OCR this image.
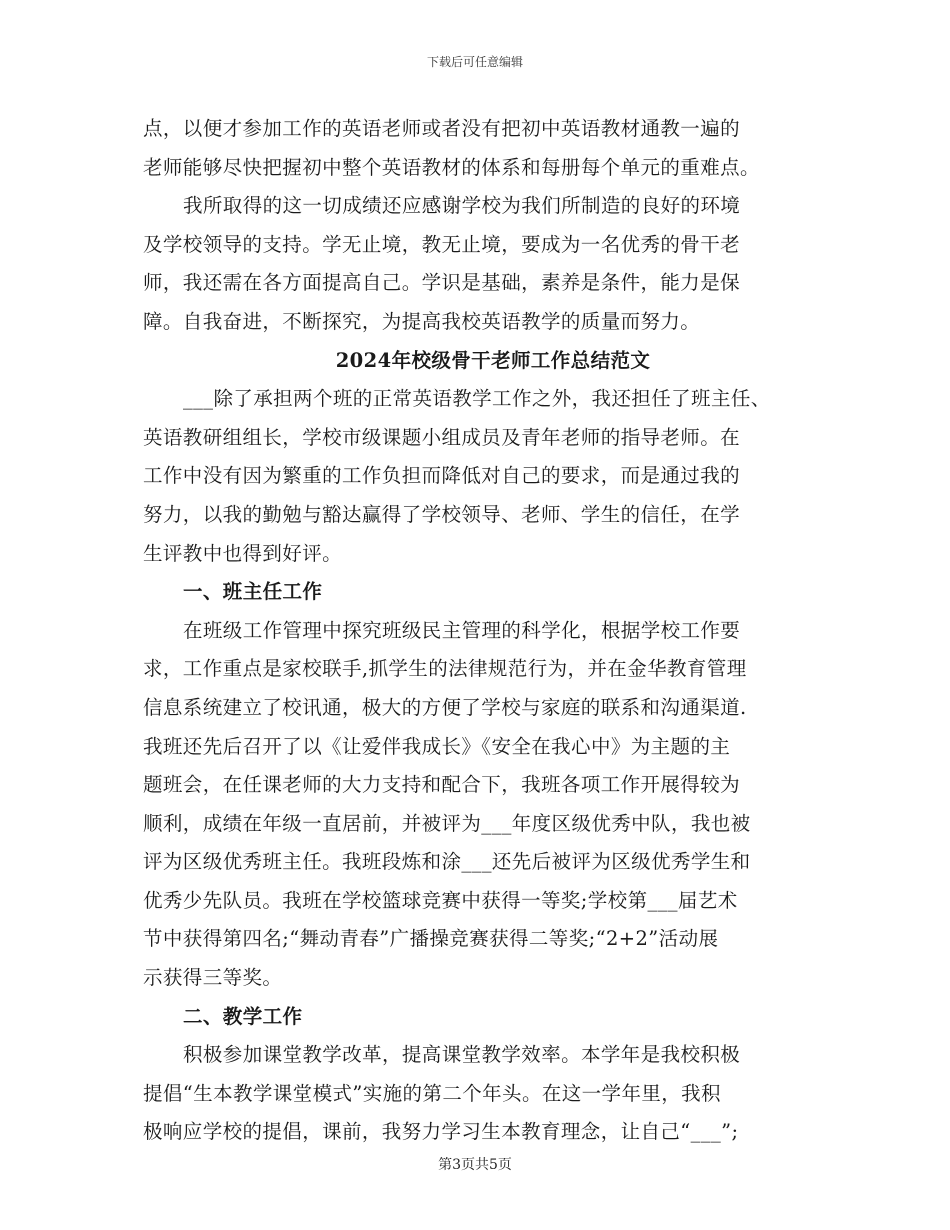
下载后可任意编辑
点，以便才参加工作的英语老师或者没有把初中英语教材通教一遍的
老师能够尽快把握初中整个英语教材的体系和每册每个单元的重难点。
我所取得的这一切成绩还应感谢学校为我们所制造的良好的环境
及学校领导的支持。学无止境，教无止境，要成为一名优秀的骨干老
师，我还需在各方面提高自己。学识是基础，素养是条件，能力是保
障。自我奋进，不断探究，为提高我校英语教学的质量而努力。
2024年校级骨干老师工作总结范文
___除了承担两个班的正常英语教学工作之外，我还担任了班主任、
英语教研组组长，学校市级课题小组成员及青年老师的指导老师。在
工作中没有因为繁重的工作负担而降低对自己的要求，而是通过我的
努力，以我的勤勉与豁达赢得了学校领导、老师、学生的信任，在学
生评教中也得到好评。
一、班主任工作
在班级工作管理中探究班级民主管理的科学化，根据学校工作要
求，工作重点是家校联手,抓学生的法律规范行为，并在金华教育管理
信息系统建立了校讯通，极大的方便了学校与家庭的联系和沟通渠道.
我班还先后召开了以《让爱伴我成长》《安全在我心中》为主题的主
题班会，在任课老师的大力支持和配合下，我班各项工作开展得较为
顺利，成绩在年级一直居前，并被评为___年度区级优秀中队，我也被
评为区级优秀班主任。我班段炼和涂___还先后被评为区级优秀学生和
优秀少先队员。我班在学校篮球竞赛中获得一等奖;学校第___届艺术
节中获得第四名;“舞动青春”广播操竞赛获得二等奖;“2+2”活动展
示获得三等奖。
二、教学工作
积极参加课堂教学改革，提高课堂教学效率。本学年是我校积极
提倡“生本教学课堂模式”实施的第二个年头。在这一学年里，我积
极响应学校的提倡，课前，我努力学习生本教育理念，让自己“___”;
第3页共5页
